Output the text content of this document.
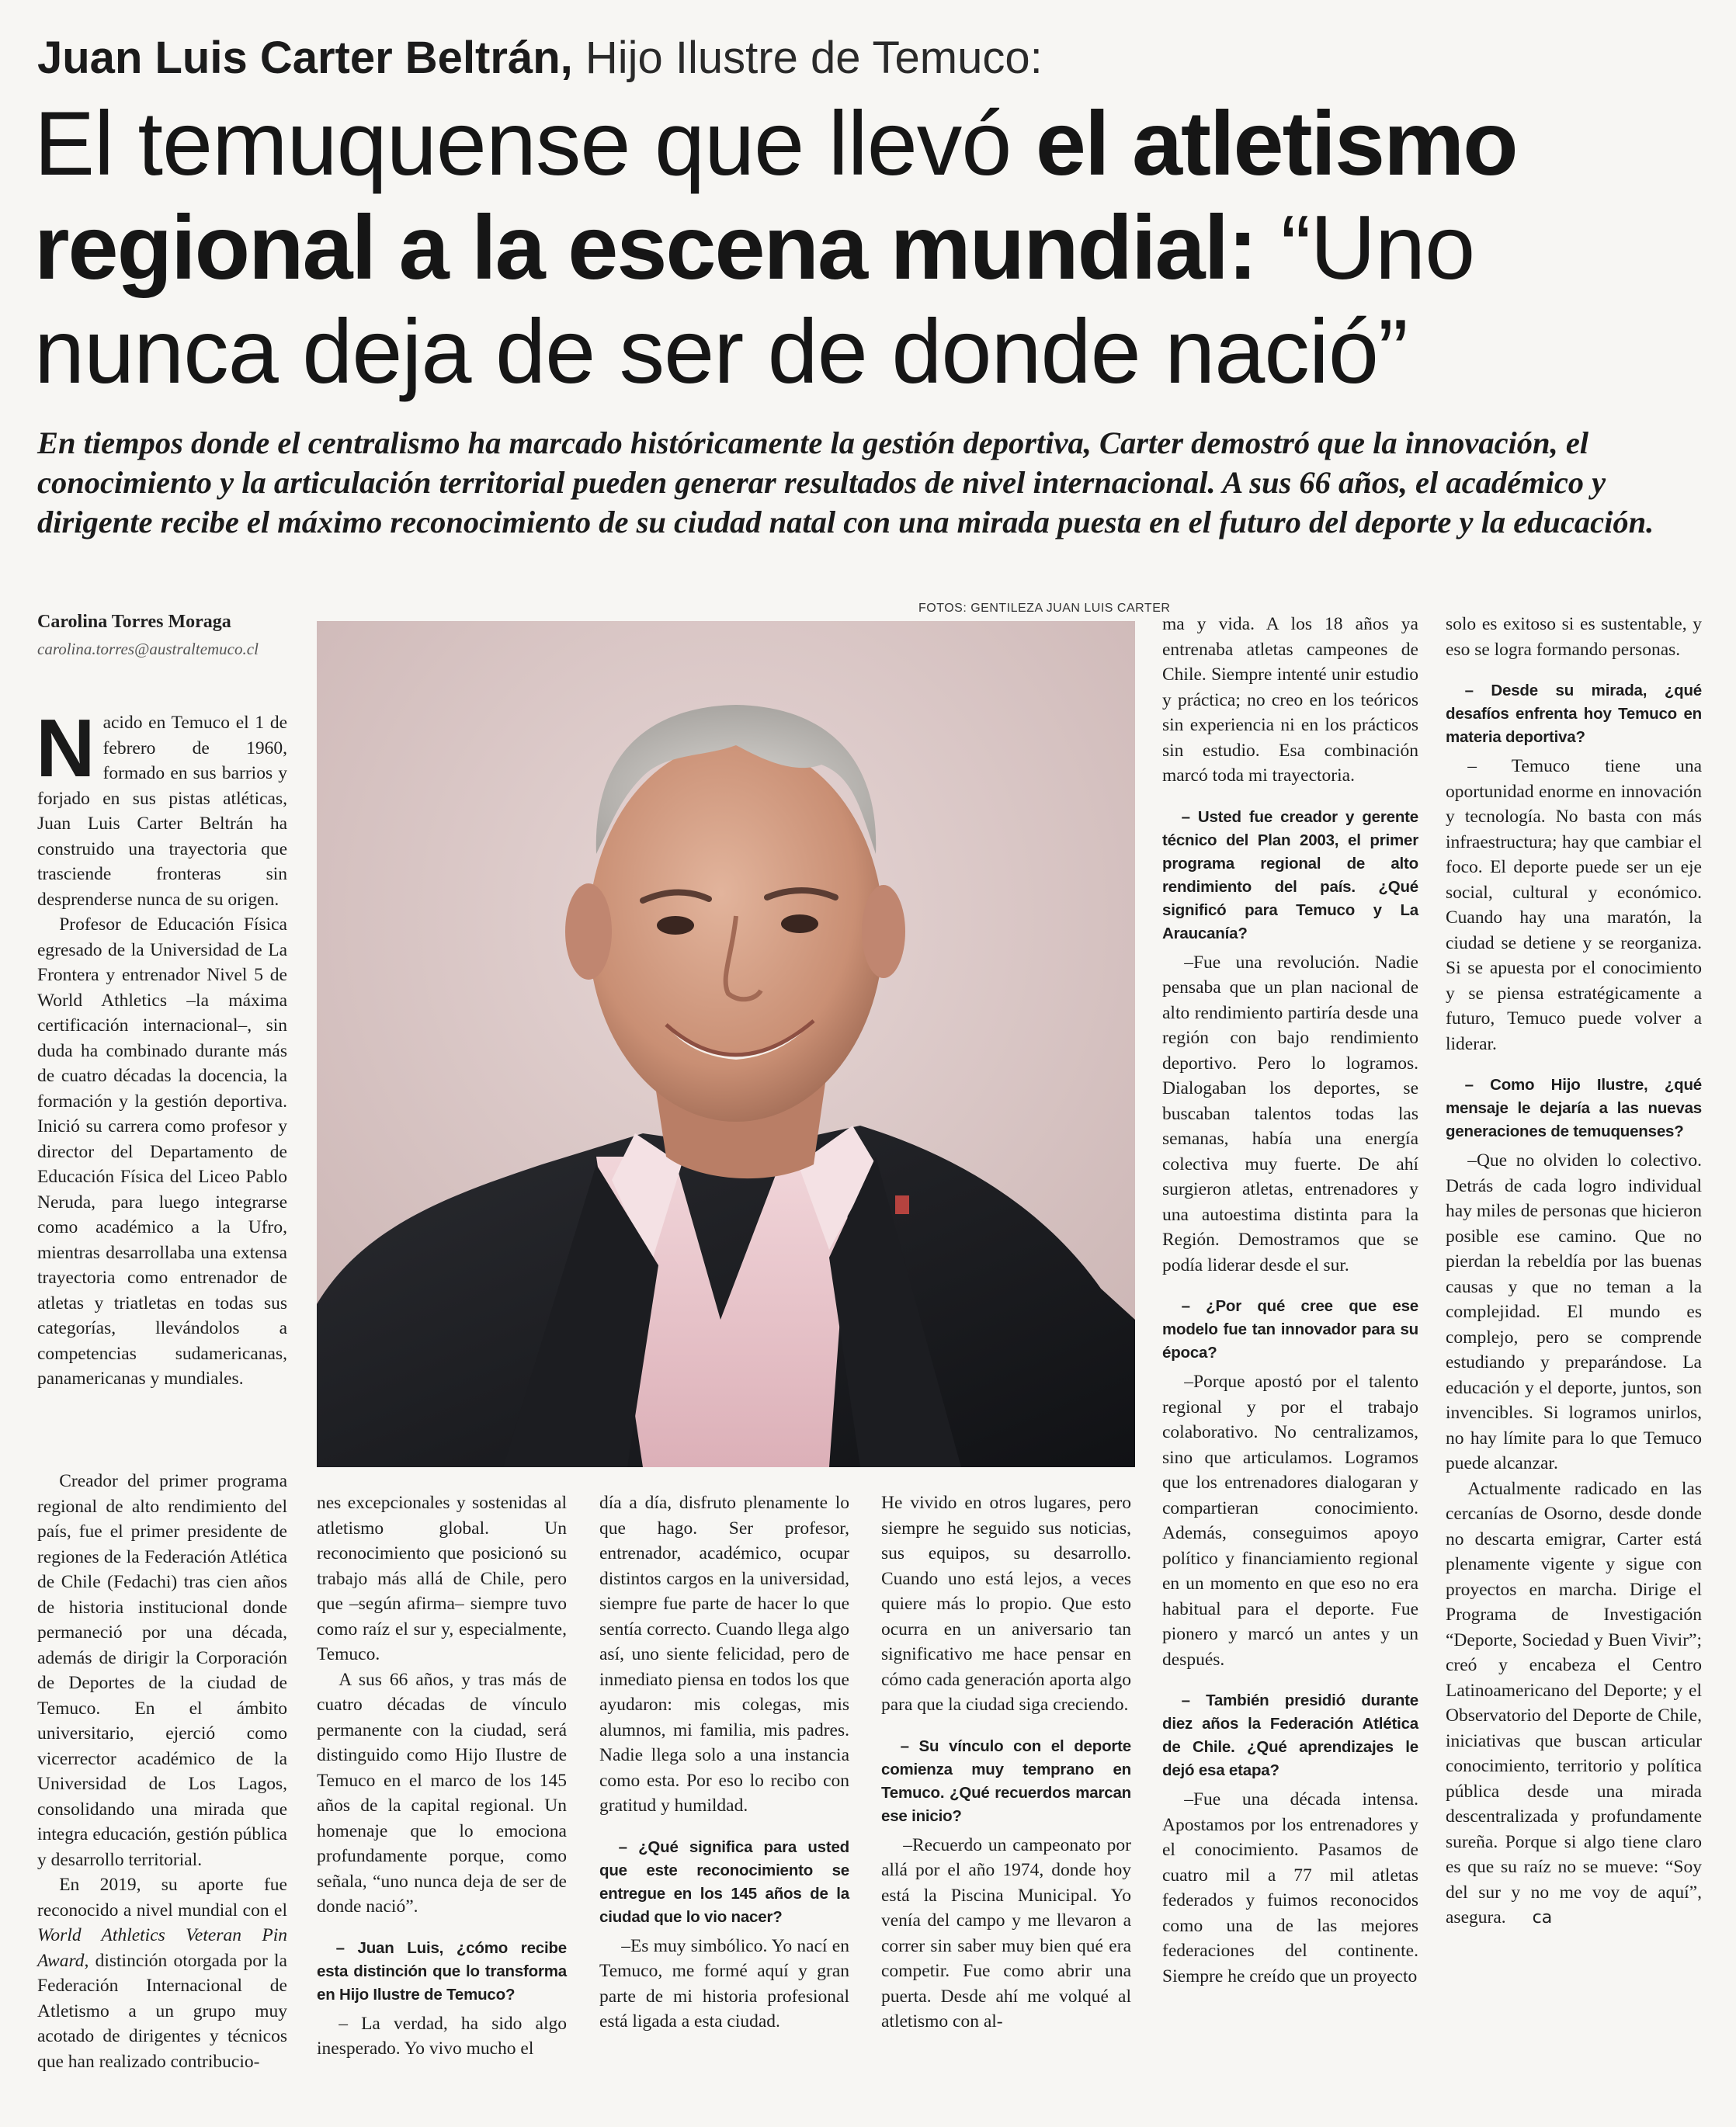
Juan Luis Carter Beltrán, Hijo Ilustre de Temuco:
El temuquense que llevó el atletismo regional a la escena mundial: “Uno nunca deja de ser de donde nació”
En tiempos donde el centralismo ha marcado históricamente la gestión deportiva, Carter demostró que la innovación, el conocimiento y la articulación territorial pueden generar resultados de nivel internacional. A sus 66 años, el académico y dirigente recibe el máximo reconocimiento de su ciudad natal con una mirada puesta en el futuro del deporte y la educación.
FOTOS: GENTILEZA JUAN LUIS CARTER
Carolina Torres Moraga
carolina.torres@australtemuco.cl

Nacido en Temuco el 1 de febrero de 1960, formado en sus barrios y forjado en sus pistas atléticas, Juan Luis Carter Beltrán ha construido una trayectoria que trasciende fronteras sin desprenderse nunca de su origen.

Profesor de Educación Física egresado de la Universidad de La Frontera y entrenador Nivel 5 de World Athletics –la máxima certificación internacional–, sin duda ha combinado durante más de cuatro décadas la docencia, la formación y la gestión deportiva. Inició su carrera como profesor y director del Departamento de Educación Física del Liceo Pablo Neruda, para luego integrarse como académico a la Ufro, mientras desarrollaba una extensa trayectoria como entrenador de atletas y triatletas en todas sus categorías, llevándolos a competencias sudamericanas, panamericanas y mundiales.

Creador del primer programa regional de alto rendimiento del país, fue el primer presidente de regiones de la Federación Atlética de Chile (Fedachi) tras cien años de historia institucional donde permaneció por una década, además de dirigir la Corporación de Deportes de la ciudad de Temuco. En el ámbito universitario, ejerció como vicerrector académico de la Universidad de Los Lagos, consolidando una mirada que integra educación, gestión pública y desarrollo territorial.

En 2019, su aporte fue reconocido a nivel mundial con el World Athletics Veteran Pin Award, distinción otorgada por la Federación Internacional de Atletismo a un grupo muy acotado de dirigentes y técnicos que han realizado contribucio-

nes excepcionales y sostenidas al atletismo global. Un reconocimiento que posicionó su trabajo más allá de Chile, pero que –según afirma– siempre tuvo como raíz el sur y, especialmente, Temuco.

A sus 66 años, y tras más de cuatro décadas de vínculo permanente con la ciudad, será distinguido como Hijo Ilustre de Temuco en el marco de los 145 años de la capital regional. Un homenaje que lo emociona profundamente porque, como señala, “uno nunca deja de ser de donde nació”.

– Juan Luis, ¿cómo recibe esta distinción que lo transforma en Hijo Ilustre de Temuco?

– La verdad, ha sido algo inesperado. Yo vivo mucho el

día a día, disfruto plenamente lo que hago. Ser profesor, entrenador, académico, ocupar distintos cargos en la universidad, siempre fue parte de hacer lo que sentía correcto. Cuando llega algo así, uno siente felicidad, pero de inmediato piensa en todos los que ayudaron: mis colegas, mis alumnos, mi familia, mis padres. Nadie llega solo a una instancia como esta. Por eso lo recibo con gratitud y humildad.

– ¿Qué significa para usted que este reconocimiento se entregue en los 145 años de la ciudad que lo vio nacer?

–Es muy simbólico. Yo nací en Temuco, me formé aquí y gran parte de mi historia profesional está ligada a esta ciudad.

He vivido en otros lugares, pero siempre he seguido sus noticias, sus equipos, su desarrollo. Cuando uno está lejos, a veces quiere más lo propio. Que esto ocurra en un aniversario tan significativo me hace pensar en cómo cada generación aporta algo para que la ciudad siga creciendo.

– Su vínculo con el deporte comienza muy temprano en Temuco. ¿Qué recuerdos marcan ese inicio?

–Recuerdo un campeonato por allá por el año 1974, donde hoy está la Piscina Municipal. Yo venía del campo y me llevaron a correr sin saber muy bien qué era competir. Fue como abrir una puerta. Desde ahí me volqué al atletismo con al-

ma y vida. A los 18 años ya entrenaba atletas campeones de Chile. Siempre intenté unir estudio y práctica; no creo en los teóricos sin experiencia ni en los prácticos sin estudio. Esa combinación marcó toda mi trayectoria.

– Usted fue creador y gerente técnico del Plan 2003, el primer programa regional de alto rendimiento del país. ¿Qué significó para Temuco y La Araucanía?

–Fue una revolución. Nadie pensaba que un plan nacional de alto rendimiento partiría desde una región con bajo rendimiento deportivo. Pero lo logramos. Dialogaban los deportes, se buscaban talentos todas las semanas, había una energía colectiva muy fuerte. De ahí surgieron atletas, entrenadores y una autoestima distinta para la Región. Demostramos que se podía liderar desde el sur.

– ¿Por qué cree que ese modelo fue tan innovador para su época?

–Porque apostó por el talento regional y por el trabajo colaborativo. No centralizamos, sino que articulamos. Logramos que los entrenadores dialogaran y compartieran conocimiento. Además, conseguimos apoyo político y financiamiento regional en un momento en que eso no era habitual para el deporte. Fue pionero y marcó un antes y un después.

– También presidió durante diez años la Federación Atlética de Chile. ¿Qué aprendizajes le dejó esa etapa?

–Fue una década intensa. Apostamos por los entrenadores y el conocimiento. Pasamos de cuatro mil a 77 mil atletas federados y fuimos reconocidos como una de las mejores federaciones del continente. Siempre he creído que un proyecto

solo es exitoso si es sustentable, y eso se logra formando personas.

– Desde su mirada, ¿qué desafíos enfrenta hoy Temuco en materia deportiva?

– Temuco tiene una oportunidad enorme en innovación y tecnología. No basta con más infraestructura; hay que cambiar el foco. El deporte puede ser un eje social, cultural y económico. Cuando hay una maratón, la ciudad se detiene y se reorganiza. Si se apuesta por el conocimiento y se piensa estratégicamente a futuro, Temuco puede volver a liderar.

– Como Hijo Ilustre, ¿qué mensaje le dejaría a las nuevas generaciones de temuquenses?

–Que no olviden lo colectivo. Detrás de cada logro individual hay miles de personas que hicieron posible ese camino. Que no pierdan la rebeldía por las buenas causas y que no teman a la complejidad. El mundo es complejo, pero se comprende estudiando y preparándose. La educación y el deporte, juntos, son invencibles. Si logramos unirlos, no hay límite para lo que Temuco puede alcanzar.

Actualmente radicado en las cercanías de Osorno, desde donde no descarta emigrar, Carter está plenamente vigente y sigue con proyectos en marcha. Dirige el Programa de Investigación “Deporte, Sociedad y Buen Vivir”; creó y encabeza el Centro Latinoamericano del Deporte; y el Observatorio del Deporte de Chile, iniciativas que buscan articular conocimiento, territorio y política pública desde una mirada descentralizada y profundamente sureña. Porque si algo tiene claro es que su raíz no se mueve: “Soy del sur y no me voy de aquí”, asegura. ca
